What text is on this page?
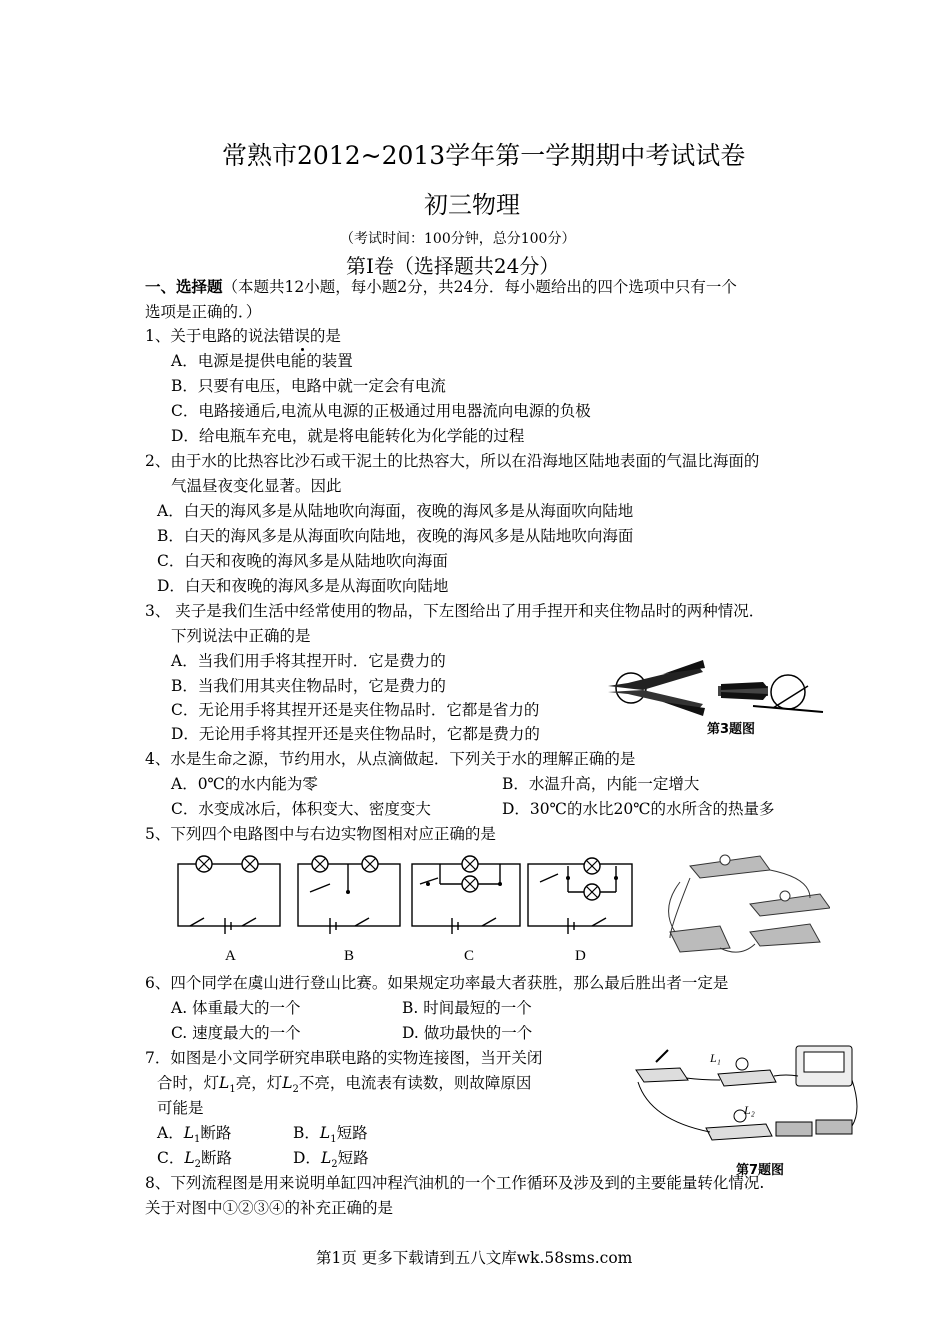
常熟市2012~2013学年第一学期期中考试试卷
初三物理
（考试时间：100分钟，总分100分）
第Ⅰ卷（选择题共24分）
一、选择题（本题共12小题，每小题2分，共24分．每小题给出的四个选项中只有一个
选项是正确的．）
1、关于电路的说法错误的是
A．电源是提供电能的装置
B．只要有电压，电路中就一定会有电流
C．电路接通后,电流从电源的正极通过用电器流向电源的负极
D．给电瓶车充电，就是将电能转化为化学能的过程
2、由于水的比热容比沙石或干泥土的比热容大，所以在沿海地区陆地表面的气温比海面的
气温昼夜变化显著。因此
A．白天的海风多是从陆地吹向海面，夜晚的海风多是从海面吹向陆地
B．白天的海风多是从海面吹向陆地，夜晚的海风多是从陆地吹向海面
C．白天和夜晚的海风多是从陆地吹向海面
D．白天和夜晚的海风多是从海面吹向陆地
3、 夹子是我们生活中经常使用的物品，下左图给出了用手捏开和夹住物品时的两种情况．
下列说法中正确的是
A．当我们用手将其捏开时．它是费力的
B．当我们用其夹住物品时，它是费力的
C．无论用手将其捏开还是夹住物品时．它都是省力的
D．无论用手将其捏开还是夹住物品时，它都是费力的	第3题图
4、水是生命之源，节约用水，从点滴做起．下列关于水的理解正确的是
A．0℃的水内能为零	B．水温升高，内能一定增大
C．水变成冰后，体积变大、密度变大	D．30℃的水比20℃的水所含的热量多
5、下列四个电路图中与右边实物图相对应正确的是
A	B	C	D
6、四个同学在虞山进行登山比赛。如果规定功率最大者获胜，那么最后胜出者一定是
A. 体重最大的一个	B. 时间最短的一个
C. 速度最大的一个	D. 做功最快的一个
7．如图是小文同学研究串联电路的实物连接图，当开关闭
合时，灯$L_1$亮，灯$L_2$不亮，电流表有读数，则故障原因
可能是
A．$L_1$断路	B．$L_1$短路
C．$L_2$断路	D．$L_2$短路
L₁
L₂
第7题图
8、下列流程图是用来说明单缸四冲程汽油机的一个工作循环及涉及到的主要能量转化情况.
关于对图中①②③④的补充正确的是
第1页 更多下载请到五八文库wk.58sms.com
